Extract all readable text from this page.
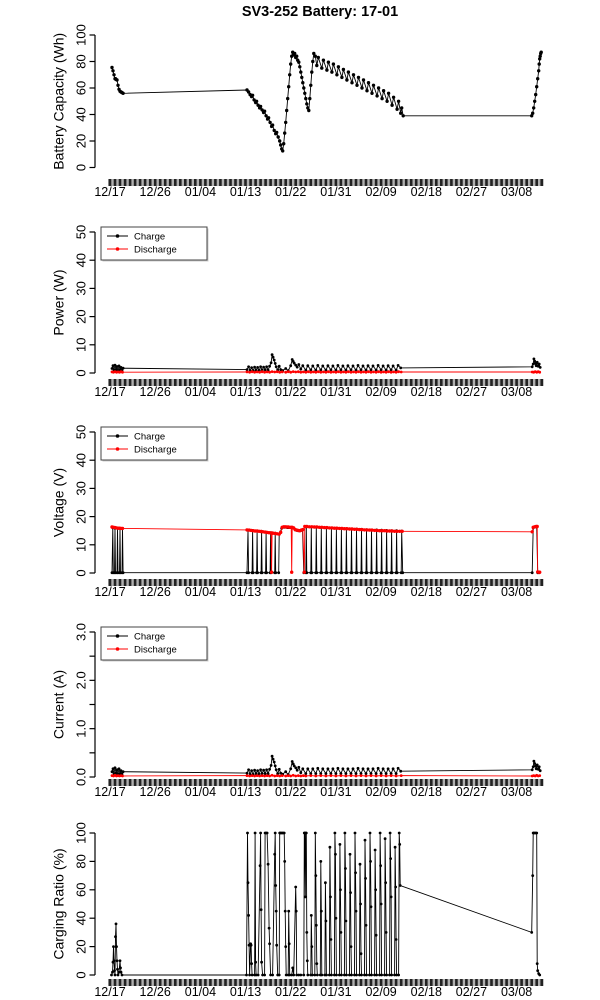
SV3-252 Battery: 17-01
0
20
40
60
80
100
Battery Capacity (Wh)
12/17 12/26 01/04 01/13 01/22 01/31 02/09 02/18 02/27 03/08
0
10
20
30
40
50
Power (W)
12/17 12/26 01/04 01/13 01/22 01/31 02/09 02/18 02/27 03/08
Charge
Discharge
0
10
20
30
40
50
Voltage (V)
12/17 12/26 01/04 01/13 01/22 01/31 02/09 02/18 02/27 03/08
Charge
Discharge
0.0
1.0
2.0
3.0
Current (A)
12/17 12/26 01/04 01/13 01/22 01/31 02/09 02/18 02/27 03/08
Charge
Discharge
0
20
40
60
80
100
Carging Ratio (%)
12/17 12/26 01/04 01/13 01/22 01/31 02/09 02/18 02/27 03/08
